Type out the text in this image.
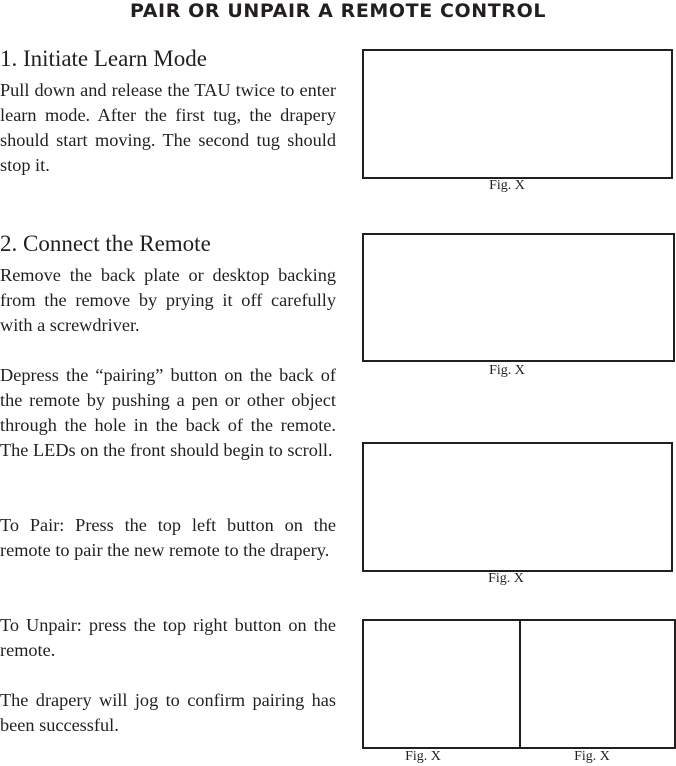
PAIR OR UNPAIR A REMOTE CONTROL
1. Initiate Learn Mode

Pull down and release the TAU twice to enter learn mode. After the first tug, the drapery should start moving. The second tug should stop it.

2. Connect the Remote

Remove the back plate or desktop backing from the remove by prying it off carefully with a screwdriver.

Depress the “pairing” button on the back of the remote by pushing a pen or other object through the hole in the back of the remote. The LEDs on the front should begin to scroll.

To Pair: Press the top left button on the remote to pair the new remote to the drapery.

To Unpair: press the top right button on the remote.

The drapery will jog to confirm pairing has been successful.

Fig. X
Fig. X
Fig. X
Fig. X	Fig. X
